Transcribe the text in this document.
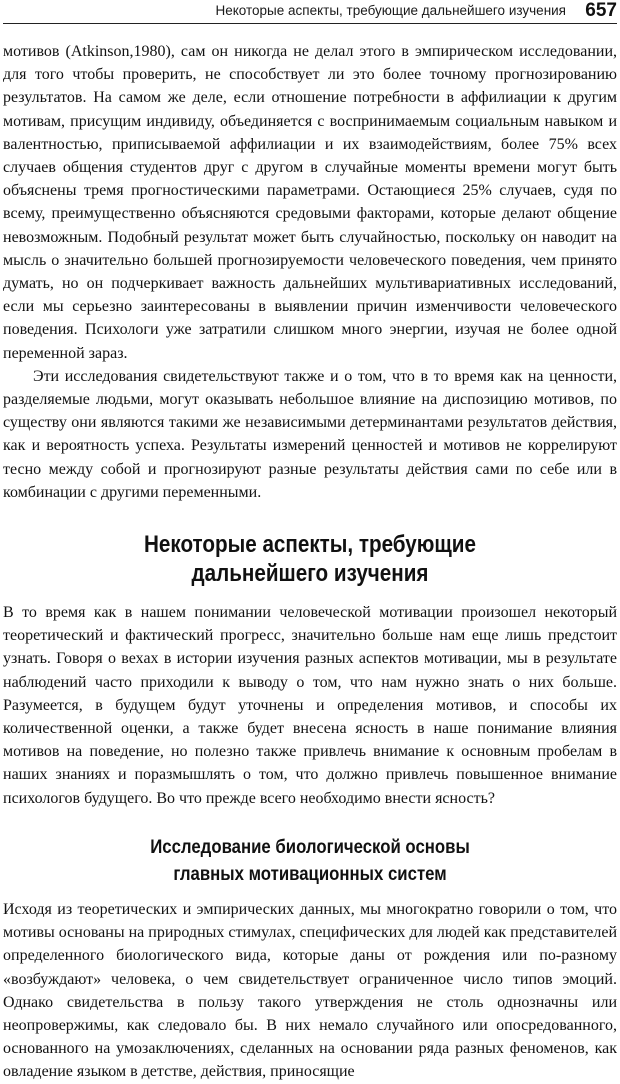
Некоторые аспекты, требующие дальнейшего изучения 657

мотивов (Atkinson,1980), сам он никогда не делал этого в эмпирическом исследовании, для того чтобы проверить, не способствует ли это более точному прогнозированию результатов. На самом же деле, если отношение потребности в аффилиации к другим мотивам, присущим индивиду, объединяется с воспринимаемым социальным навыком и валентностью, приписываемой аффилиации и их взаимодействиям, более 75% всех случаев общения студентов друг с другом в случайные моменты времени могут быть объяснены тремя прогностическими параметрами. Остающиеся 25% случаев, судя по всему, преимущественно объясняются средовыми факторами, которые делают общение невозможным. Подобный результат может быть случайностью, поскольку он наводит на мысль о значительно большей прогнозируемости человеческого поведения, чем принято думать, но он подчеркивает важность дальнейших мультивариативных исследований, если мы серьезно заинтересованы в выявлении причин изменчивости человеческого поведения. Психологи уже затратили слишком много энергии, изучая не более одной переменной зараз.

Эти исследования свидетельствуют также и о том, что в то время как на ценности, разделяемые людьми, могут оказывать небольшое влияние на диспозицию мотивов, по существу они являются такими же независимыми детерминантами результатов действия, как и вероятность успеха. Результаты измерений ценностей и мотивов не коррелируют тесно между собой и прогнозируют разные результаты действия сами по себе или в комбинации с другими переменными.

Некоторые аспекты, требующие
дальнейшего изучения

В то время как в нашем понимании человеческой мотивации произошел некоторый теоретический и фактический прогресс, значительно больше нам еще лишь предстоит узнать. Говоря о вехах в истории изучения разных аспектов мотивации, мы в результате наблюдений часто приходили к выводу о том, что нам нужно знать о них больше. Разумеется, в будущем будут уточнены и определения мотивов, и способы их количественной оценки, а также будет внесена ясность в наше понимание влияния мотивов на поведение, но полезно также привлечь внимание к основным пробелам в наших знаниях и поразмышлять о том, что должно привлечь повышенное внимание психологов будущего. Во что прежде всего необходимо внести ясность?

Исследование биологической основы
главных мотивационных систем

Исходя из теоретических и эмпирических данных, мы многократно говорили о том, что мотивы основаны на природных стимулах, специфических для людей как представителей определенного биологического вида, которые даны от рождения или по-разному «возбуждают» человека, о чем свидетельствует ограниченное число типов эмоций. Однако свидетельства в пользу такого утверждения не столь однозначны или неопровержимы, как следовало бы. В них немало случайного или опосредованного, основанного на умозаключениях, сделанных на основании ряда разных феноменов, как овладение языком в детстве, действия, приносящие
